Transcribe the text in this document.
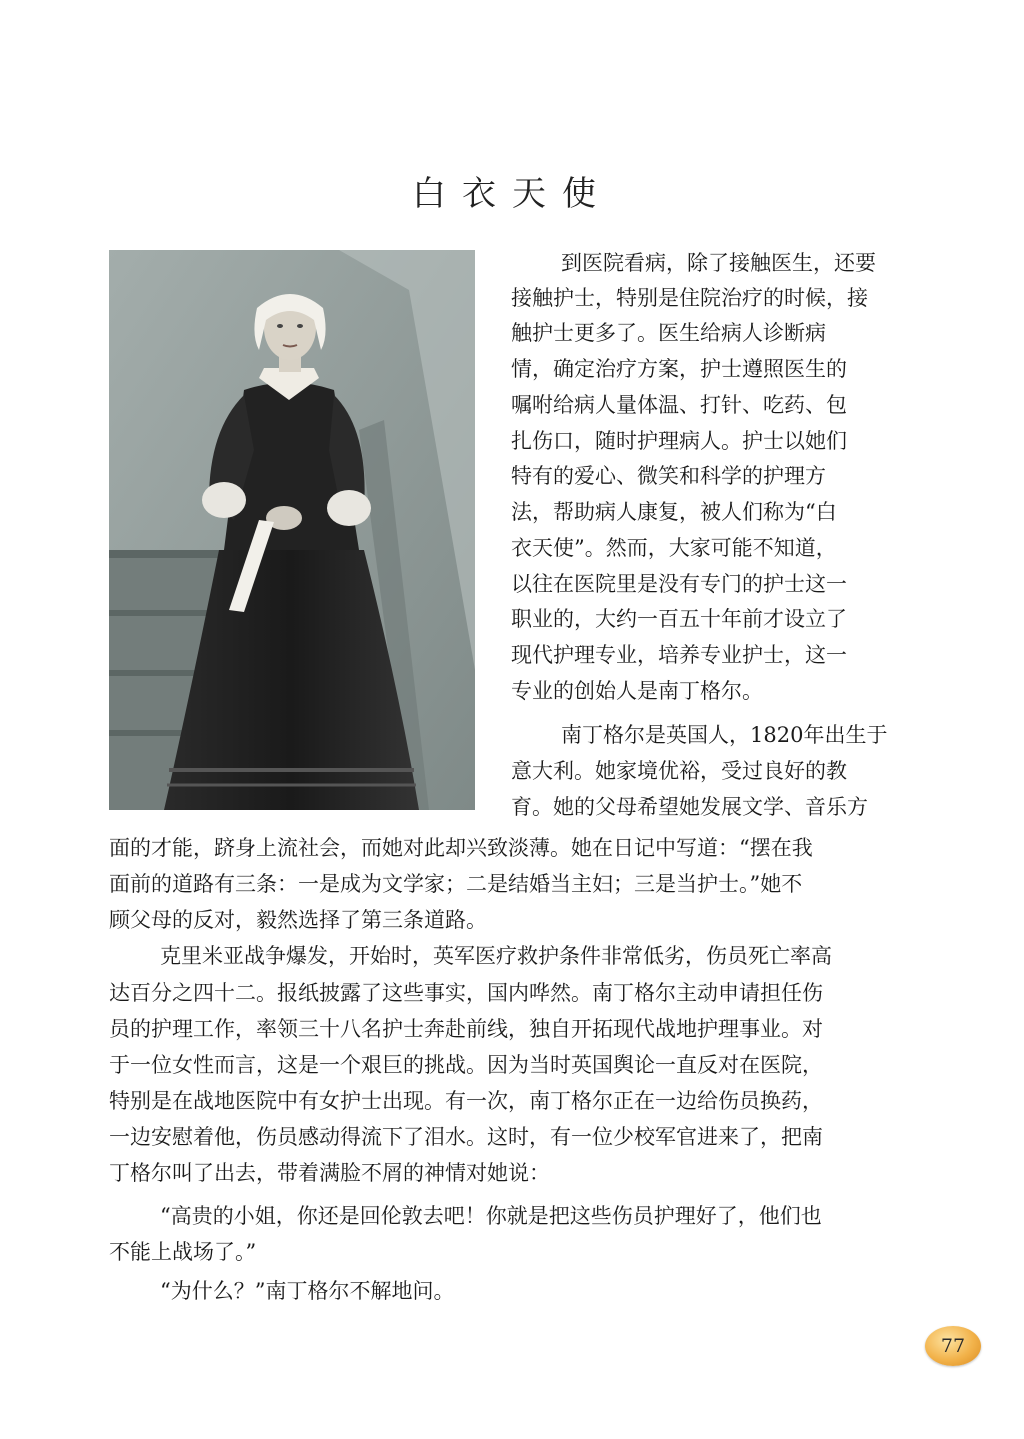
白衣天使
到医院看病，除了接触医生，还要
接触护士，特别是住院治疗的时候，接
触护士更多了。医生给病人诊断病
情，确定治疗方案，护士遵照医生的
嘱咐给病人量体温、打针、吃药、包
扎伤口，随时护理病人。护士以她们
特有的爱心、微笑和科学的护理方
法，帮助病人康复，被人们称为“白
衣天使”。然而，大家可能不知道，
以往在医院里是没有专门的护士这一
职业的，大约一百五十年前才设立了
现代护理专业，培养专业护士，这一
专业的创始人是南丁格尔。
南丁格尔是英国人，1820年出生于
意大利。她家境优裕，受过良好的教
育。她的父母希望她发展文学、音乐方
面的才能，跻身上流社会，而她对此却兴致淡薄。她在日记中写道：“摆在我
面前的道路有三条：一是成为文学家；二是结婚当主妇；三是当护士。”她不
顾父母的反对，毅然选择了第三条道路。
克里米亚战争爆发，开始时，英军医疗救护条件非常低劣，伤员死亡率高
达百分之四十二。报纸披露了这些事实，国内哗然。南丁格尔主动申请担任伤
员的护理工作，率领三十八名护士奔赴前线，独自开拓现代战地护理事业。对
于一位女性而言，这是一个艰巨的挑战。因为当时英国舆论一直反对在医院，
特别是在战地医院中有女护士出现。有一次，南丁格尔正在一边给伤员换药，
一边安慰着他，伤员感动得流下了泪水。这时，有一位少校军官进来了，把南
丁格尔叫了出去，带着满脸不屑的神情对她说：
“高贵的小姐，你还是回伦敦去吧！你就是把这些伤员护理好了，他们也
不能上战场了。”
“为什么？”南丁格尔不解地问。
77
